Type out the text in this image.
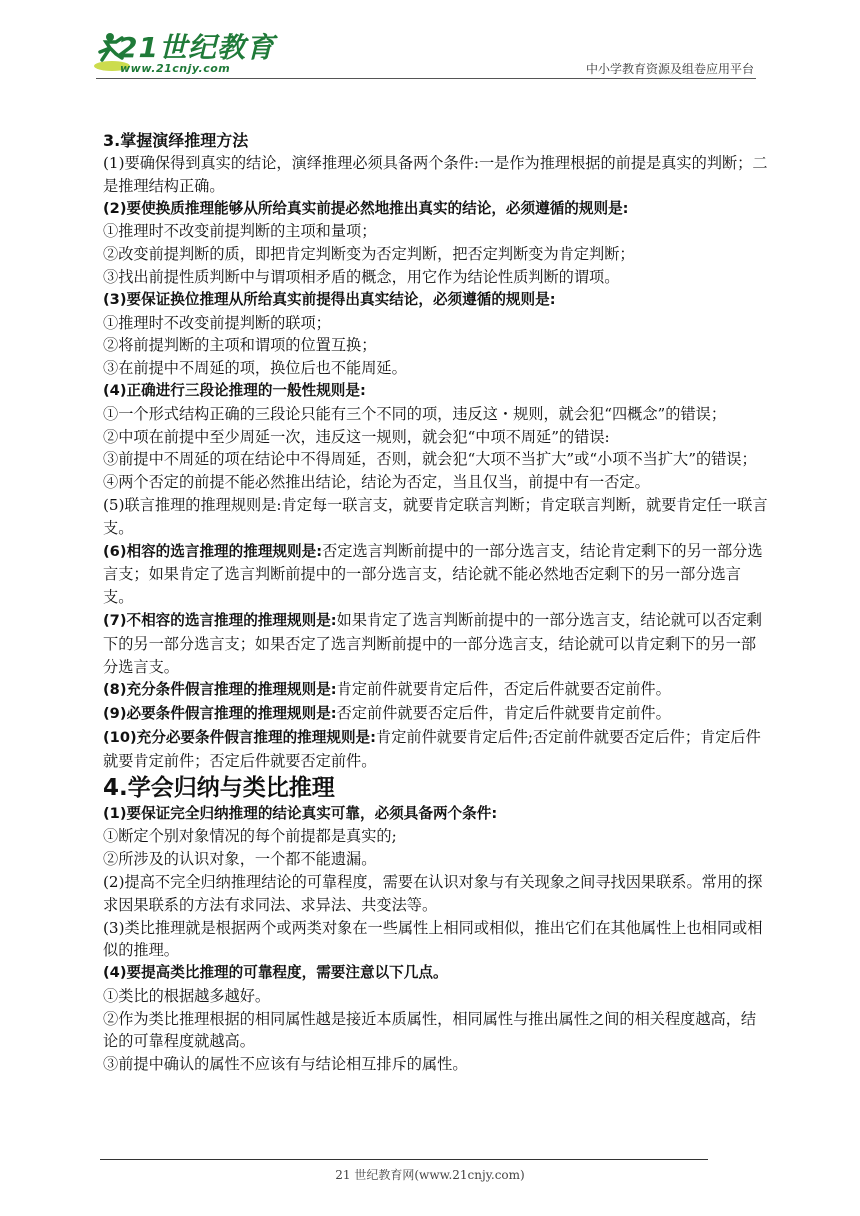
21世纪教育
www.21cnjy.com	中小学教育资源及组卷应用平台

3.掌握演绎推理方法

(1)要确保得到真实的结论，演绎推理必须具备两个条件:一是作为推理根据的前提是真实的判断；二是推理结构正确。

(2)要使换质推理能够从所给真实前提必然地推出真实的结论，必须遵循的规则是:

①推理时不改变前提判断的主项和量项；

②改变前提判断的质，即把肯定判断变为否定判断，把否定判断变为肯定判断；

③找出前提性质判断中与谓项相矛盾的概念，用它作为结论性质判断的谓项。

(3)要保证换位推理从所给真实前提得出真实结论，必须遵循的规则是:

①推理时不改变前提判断的联项；

②将前提判断的主项和谓项的位置互换；

③在前提中不周延的项，换位后也不能周延。

(4)正确进行三段论推理的一般性规则是:

①一个形式结构正确的三段论只能有三个不同的项，违反这・规则，就会犯“四概念”的错误；

②中项在前提中至少周延一次，违反这一规则，就会犯“中项不周延”的错误:

③前提中不周延的项在结论中不得周延，否则，就会犯“大项不当扩大”或“小项不当扩大”的错误；

④两个否定的前提不能必然推出结论，结论为否定，当且仅当，前提中有一否定。

(5)联言推理的推理规则是:肯定每一联言支，就要肯定联言判断；肯定联言判断，就要肯定任一联言支。

(6)相容的选言推理的推理规则是:否定选言判断前提中的一部分选言支，结论肯定剩下的另一部分选言支；如果肯定了选言判断前提中的一部分选言支，结论就不能必然地否定剩下的另一部分选言支。

(7)不相容的选言推理的推理规则是:如果肯定了选言判断前提中的一部分选言支，结论就可以否定剩下的另一部分选言支；如果否定了选言判断前提中的一部分选言支，结论就可以肯定剩下的另一部分选言支。

(8)充分条件假言推理的推理规则是:肯定前件就要肯定后件，否定后件就要否定前件。

(9)必要条件假言推理的推理规则是:否定前件就要否定后件，肯定后件就要肯定前件。

(10)充分必要条件假言推理的推理规则是:肯定前件就要肯定后件;否定前件就要否定后件；肯定后件就要肯定前件；否定后件就要否定前件。

4.学会归纳与类比推理

(1)要保证完全归纳推理的结论真实可靠，必须具备两个条件:

①断定个别对象情况的每个前提都是真实的;

②所涉及的认识对象，一个都不能遗漏。

(2)提高不完全归纳推理结论的可靠程度，需要在认识对象与有关现象之间寻找因果联系。常用的探求因果联系的方法有求同法、求异法、共变法等。

(3)类比推理就是根据两个或两类对象在一些属性上相同或相似，推出它们在其他属性上也相同或相似的推理。

(4)要提高类比推理的可靠程度，需要注意以下几点。

①类比的根据越多越好。

②作为类比推理根据的相同属性越是接近本质属性，相同属性与推出属性之间的相关程度越高，结论的可靠程度就越高。

③前提中确认的属性不应该有与结论相互排斥的属性。

21 世纪教育网(www.21cnjy.com)
